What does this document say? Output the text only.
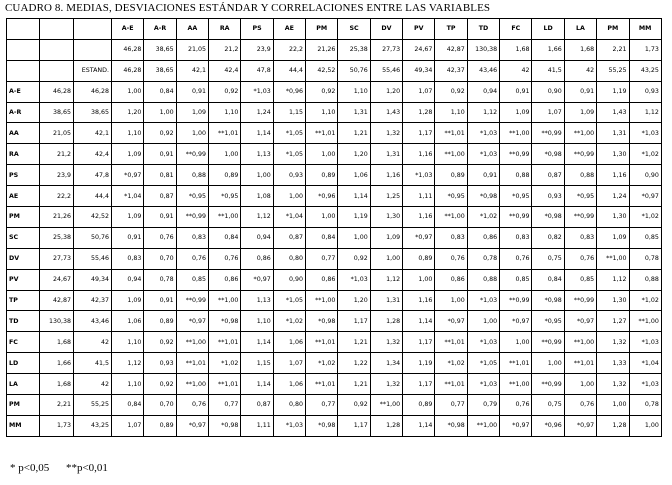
CUADRO 8. MEDIAS, DESVIACIONES ESTÁNDAR Y CORRELACIONES ENTRE LAS VARIABLES
			A-E	A-R	AA	RA	PS	AE	PM	SC	DV	PV	TP	TD	FC	LD	LA	PM	MM
			46,28	38,65	21,05	21,2	23,9	22,2	21,26	25,38	27,73	24,67	42,87	130,38	1,68	1,66	1,68	2,21	1,73
		ESTAND.	46,28	38,65	42,1	42,4	47,8	44,4	42,52	50,76	55,46	49,34	42,37	43,46	42	41,5	42	55,25	43,25
A-E	46,28	46,28	1,00	0,84	0,91	0,92	*1,03	*0,96	0,92	1,10	1,20	1,07	0,92	0,94	0,91	0,90	0,91	1,19	0,93
A-R	38,65	38,65	1,20	1,00	1,09	1,10	1,24	1,15	1,10	1,31	1,43	1,28	1,10	1,12	1,09	1,07	1,09	1,43	1,12
AA	21,05	42,1	1,10	0,92	1,00	**1,01	1,14	*1,05	**1,01	1,21	1,32	1,17	**1,01	*1,03	**1,00	**0,99	**1,00	1,31	*1,03
RA	21,2	42,4	1,09	0,91	**0,99	1,00	1,13	*1,05	1,00	1,20	1,31	1,16	**1,00	*1,03	**0,99	*0,98	**0,99	1,30	*1,02
PS	23,9	47,8	*0,97	0,81	0,88	0,89	1,00	0,93	0,89	1,06	1,16	*1,03	0,89	0,91	0,88	0,87	0,88	1,16	0,90
AE	22,2	44,4	*1,04	0,87	*0,95	*0,95	1,08	1,00	*0,96	1,14	1,25	1,11	*0,95	*0,98	*0,95	0,93	*0,95	1,24	*0,97
PM	21,26	42,52	1,09	0,91	**0,99	**1,00	1,12	*1,04	1,00	1,19	1,30	1,16	**1,00	*1,02	**0,99	*0,98	**0,99	1,30	*1,02
SC	25,38	50,76	0,91	0,76	0,83	0,84	0,94	0,87	0,84	1,00	1,09	*0,97	0,83	0,86	0,83	0,82	0,83	1,09	0,85
DV	27,73	55,46	0,83	0,70	0,76	0,76	0,86	0,80	0,77	0,92	1,00	0,89	0,76	0,78	0,76	0,75	0,76	**1,00	0,78
PV	24,67	49,34	0,94	0,78	0,85	0,86	*0,97	0,90	0,86	*1,03	1,12	1,00	0,86	0,88	0,85	0,84	0,85	1,12	0,88
TP	42,87	42,37	1,09	0,91	**0,99	**1,00	1,13	*1,05	**1,00	1,20	1,31	1,16	1,00	*1,03	**0,99	*0,98	**0,99	1,30	*1,02
TD	130,38	43,46	1,06	0,89	*0,97	*0,98	1,10	*1,02	*0,98	1,17	1,28	1,14	*0,97	1,00	*0,97	*0,95	*0,97	1,27	**1,00
FC	1,68	42	1,10	0,92	**1,00	**1,01	1,14	1,06	**1,01	1,21	1,32	1,17	**1,01	*1,03	1,00	**0,99	**1,00	1,32	*1,03
LD	1,66	41,5	1,12	0,93	**1,01	*1,02	1,15	1,07	*1,02	1,22	1,34	1,19	*1,02	*1,05	**1,01	1,00	**1,01	1,33	*1,04
LA	1,68	42	1,10	0,92	**1,00	**1,01	1,14	1,06	**1,01	1,21	1,32	1,17	**1,01	*1,03	**1,00	**0,99	1,00	1,32	*1,03
PM	2,21	55,25	0,84	0,70	0,76	0,77	0,87	0,80	0,77	0,92	**1,00	0,89	0,77	0,79	0,76	0,75	0,76	1,00	0,78
MM	1,73	43,25	1,07	0,89	*0,97	*0,98	1,11	*1,03	*0,98	1,17	1,28	1,14	*0,98	**1,00	*0,97	*0,96	*0,97	1,28	1,00
* p<0,05 **p<0,01
